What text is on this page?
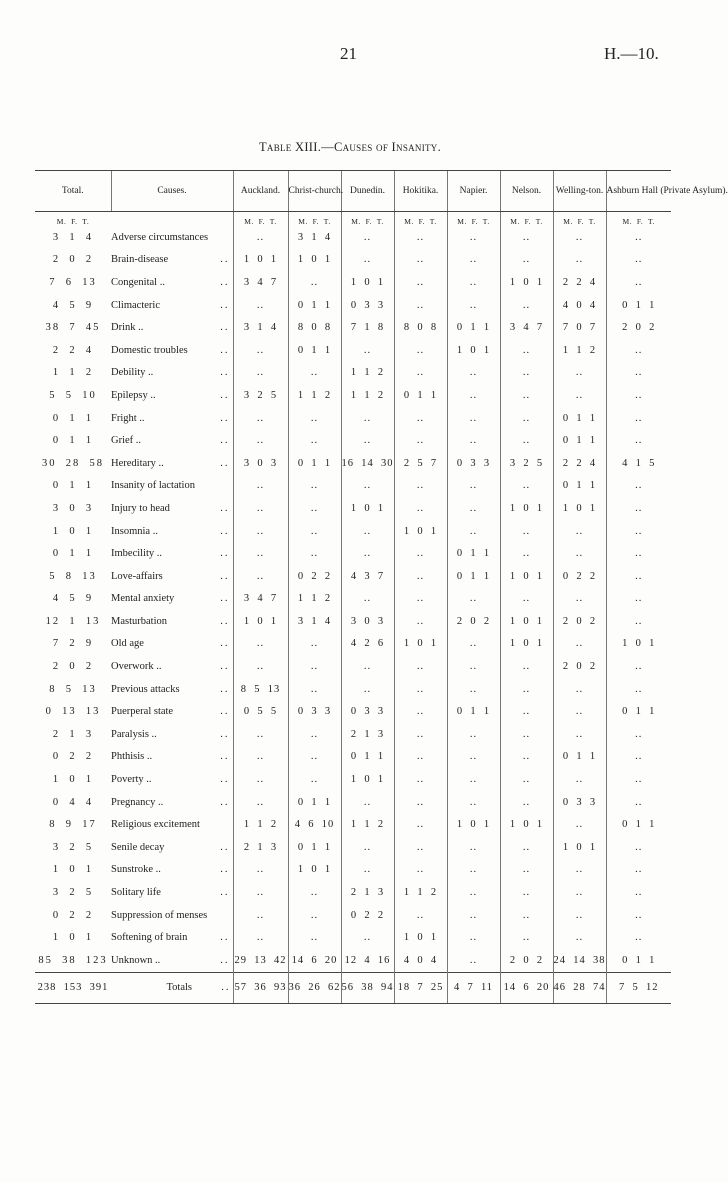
21	H.—10.
Table XIII.—Causes of Insanity.
Total.	Causes.	Auckland.	Christ-church.	Dunedin.	Hokitika.	Napier.	Nelson.	Welling-ton.	Ashburn Hall (Private Asylum).
M. F. T.		M. F. T.	M. F. T.	M. F. T.	M. F. T.	M. F. T.	M. F. T.	M. F. T.	M. F. T.
3  1  4	Adverse circumstances	..	3  1  4	..	..	..	..	..	..
2  0  2	Brain-disease ..	1  0  1	1  0  1	..	..	..	..	..	..
7  6  13	Congenital .. ..	3  4  7	..	1  0  1	..	..	1  0  1	2  2  4	..
4  5  9	Climacteric ..	..	0  1  1	0  3  3	..	..	..	4  0  4	0  1  1
38  7  45	Drink .. ..	3  1  4	8  0  8	7  1  8	8  0  8	0  1  1	3  4  7	7  0  7	2  0  2
2  2  4	Domestic troubles ..	..	0  1  1	..	..	1  0  1	..	1  1  2	..
1  1  2	Debility .. ..	..	..	1  1  2	..	..	..	..	..
5  5  10	Epilepsy .. ..	3  2  5	1  1  2	1  1  2	0  1  1	..	..	..	..
0  1  1	Fright .. ..	..	..	..	..	..	..	0  1  1	..
0  1  1	Grief .. ..	..	..	..	..	..	..	0  1  1	..
30  28  58	Hereditary .. ..	3  0  3	0  1  1	16  14  30	2  5  7	0  3  3	3  2  5	2  2  4	4  1  5
0  1  1	Insanity of lactation	..	..	..	..	..	..	0  1  1	..
3  0  3	Injury to head ..	..	..	1  0  1	..	..	1  0  1	1  0  1	..
1  0  1	Insomnia .. ..	..	..	..	1  0  1	..	..	..	..
0  1  1	Imbecility .. ..	..	..	..	..	0  1  1	..	..	..
5  8  13	Love-affairs ..	..	0  2  2	4  3  7	..	0  1  1	1  0  1	0  2  2	..
4  5  9	Mental anxiety ..	3  4  7	1  1  2	..	..	..	..	..	..
12  1  13	Masturbation ..	1  0  1	3  1  4	3  0  3	..	2  0  2	1  0  1	2  0  2	..
7  2  9	Old age ..	..	..	4  2  6	1  0  1	..	1  0  1	..	1  0  1
2  0  2	Overwork .. ..	..	..	..	..	..	..	2  0  2	..
8  5  13	Previous attacks ..	8  5  13	..	..	..	..	..	..	..
0  13  13	Puerperal state ..	0  5  5	0  3  3	0  3  3	..	0  1  1	..	..	0  1  1
2  1  3	Paralysis .. ..	..	..	2  1  3	..	..	..	..	..
0  2  2	Phthisis .. ..	..	..	0  1  1	..	..	..	0  1  1	..
1  0  1	Poverty .. ..	..	..	1  0  1	..	..	..	..	..
0  4  4	Pregnancy .. ..	..	0  1  1	..	..	..	..	0  3  3	..
8  9  17	Religious excitement	1  1  2	4  6  10	1  1  2	..	1  0  1	1  0  1	..	0  1  1
3  2  5	Senile decay ..	2  1  3	0  1  1	..	..	..	..	1  0  1	..
1  0  1	Sunstroke .. ..	..	1  0  1	..	..	..	..	..	..
3  2  5	Solitary life ..	..	..	2  1  3	1  1  2	..	..	..	..
0  2  2	Suppression of menses	..	..	0  2  2	..	..	..	..	..
1  0  1	Softening of brain ..	..	..	..	1  0  1	..	..	..	..
85  38  123	Unknown .. ..	29  13  42	14  6  20	12  4  16	4  0  4	..	2  0  2	24  14  38	0  1  1
238  153  391	Totals ..	57  36  93	36  26  62	56  38  94	18  7  25	4  7  11	14  6  20	46  28  74	7  5  12
